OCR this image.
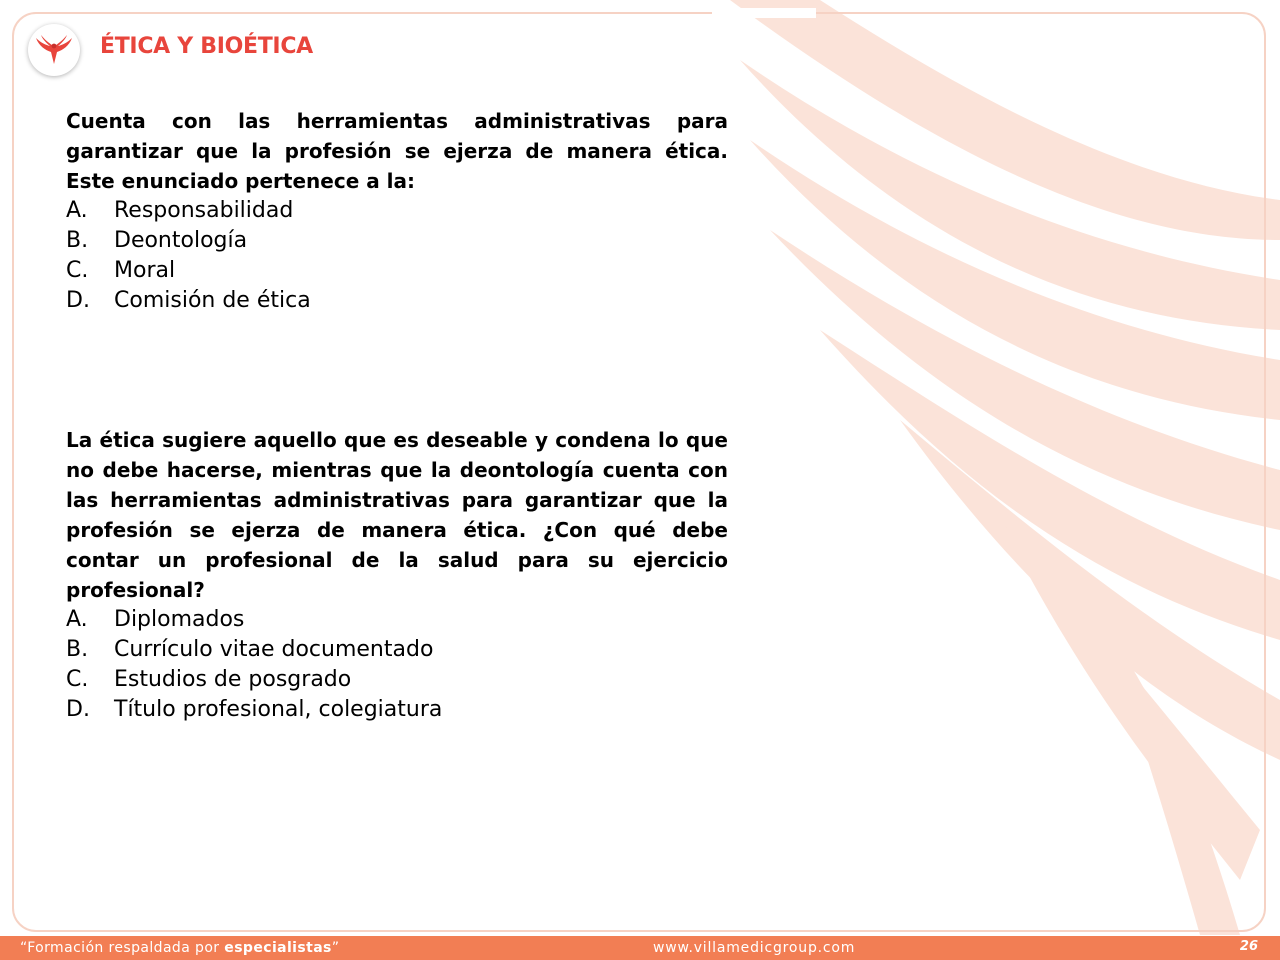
ÉTICA Y BIOÉTICA

Cuenta con las herramientas administrativas para garantizar que la profesión se ejerza de manera ética. Este enunciado pertenece a la:

A.	Responsabilidad
B.	Deontología
C.	Moral
D.	Comisión de ética

La ética sugiere aquello que es deseable y condena lo que no debe hacerse, mientras que la deontología cuenta con las herramientas administrativas para garantizar que la profesión se ejerza de manera ética. ¿Con qué debe contar un profesional de la salud para su ejercicio profesional?

A.	Diplomados
B.	Currículo vitae documentado
C.	Estudios de posgrado
D.	Título profesional, colegiatura
“Formación respaldada por especialistas”	www.villamedicgroup.com	26
